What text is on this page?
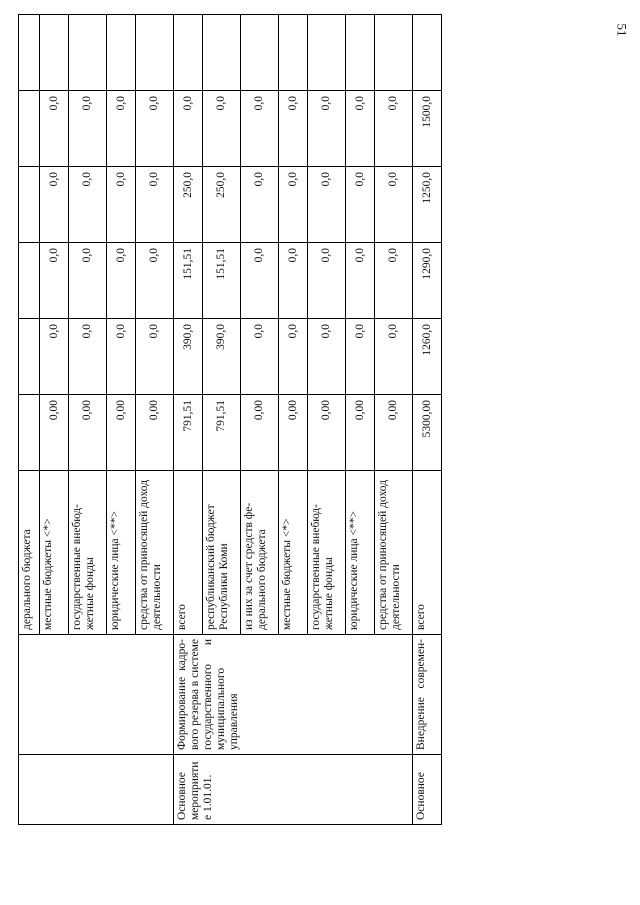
51
		дерального бюджета						
		местные бюджеты <*>	0,00	0,0	0,0	0,0	0,0	
		государственные внебюд-жетные фонды	0,00	0,0	0,0	0,0	0,0	
		юридические лица <**>	0,00	0,0	0,0	0,0	0,0	
		средства от приносящей доход деятельности	0,00	0,0	0,0	0,0	0,0	
Основное мероприятие 1.01.01.	Формирование кадро-вого резерва в системе государственного и муниципального управления	всего	791,51	390,0	151,51	250,0	0,0	
		республиканский бюджет Республики Коми	791,51	390,0	151,51	250,0	0,0	
		из них за счет средств фе-дерального бюджета	0,00	0,0	0,0	0,0	0,0	
		местные бюджеты <*>	0,00	0,0	0,0	0,0	0,0	
		государственные внебюд-жетные фонды	0,00	0,0	0,0	0,0	0,0	
		юридические лица <**>	0,00	0,0	0,0	0,0	0,0	
		средства от приносящей доход деятельности	0,00	0,0	0,0	0,0	0,0	
Основное	Внедрение современ-	всего	5300,00	1260,0	1290,0	1250,0	1500,0	
